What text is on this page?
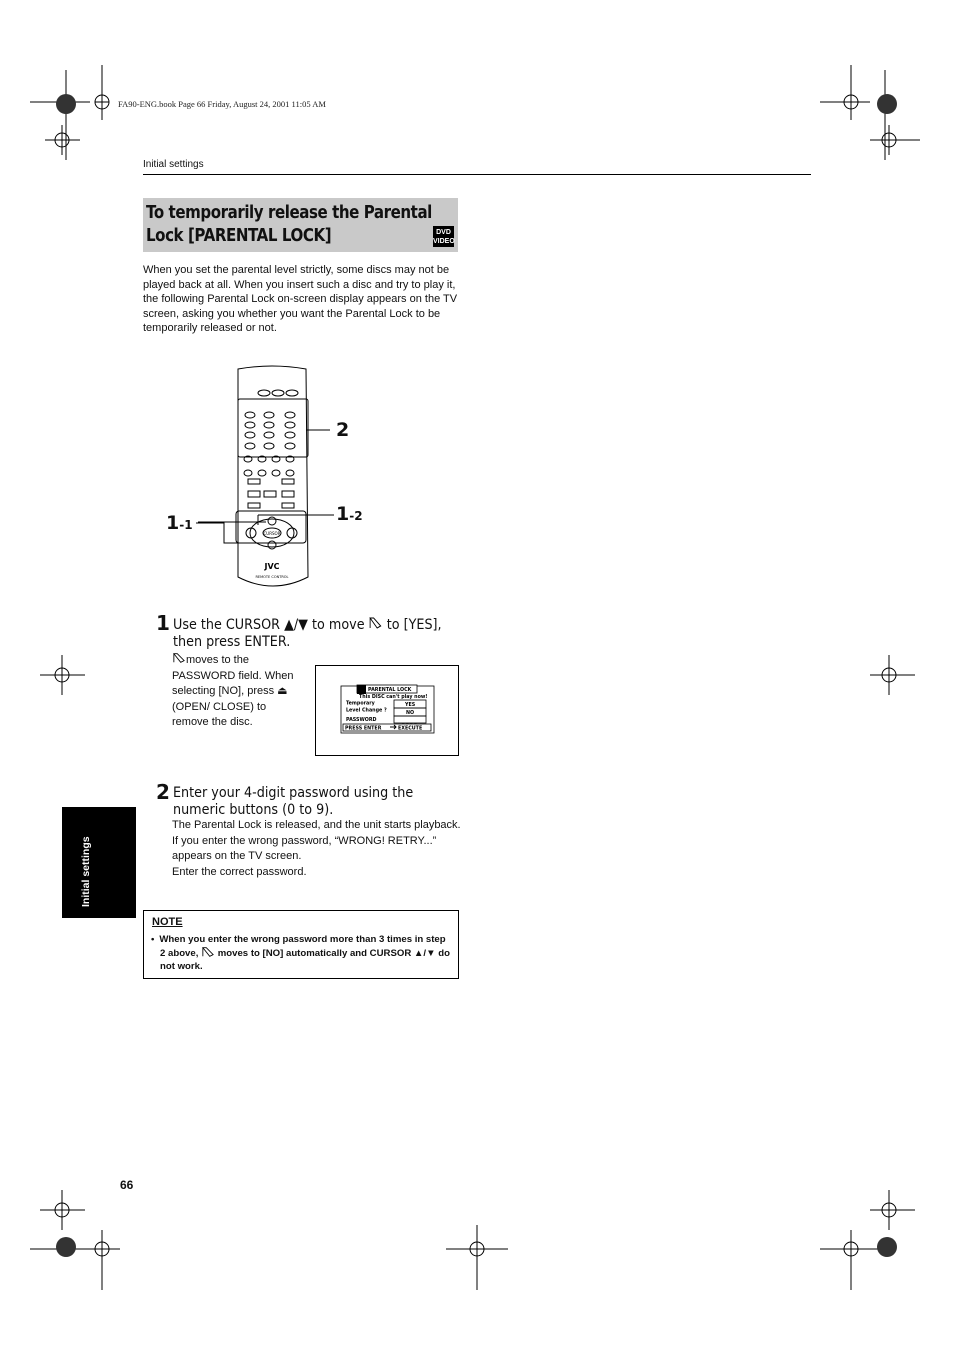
FA90-ENG.book Page 66 Friday, August 24, 2001 11:05 AM
Initial settings
To temporarily release the Parental Lock [PARENTAL LOCK]	DVD
VIDEO
When you set the parental level strictly, some discs may not be played back at all. When you insert such a disc and try to play it, the following Parental Lock on-screen display appears on the TV screen, asking you whether you want the Parental Lock to be temporarily released or not.
JVC
REMOTE CONTROL
CURSOR
2
1-1	1-2
1 Use the CURSOR ▲/▼ to move to [YES], then press ENTER.
moves to the PASSWORD field. When selecting [NO], press ⏏ (OPEN/ CLOSE) to remove the disc.
PARENTAL LOCK
This DISC can't play now!
Temporary
Level Change ?
YES
NO
PASSWORD	_ _ _ _
PRESS ENTER	EXECUTE
2 Enter your 4-digit password using the numeric buttons (0 to 9).
The Parental Lock is released, and the unit starts playback.
If you enter the wrong password, “WRONG! RETRY...” appears on the TV screen.
Enter the correct password.
NOTE
• When you enter the wrong password more than 3 times in step 2 above, moves to [NO] automatically and CURSOR ▲/▼ do not work.
Initial settings
66
